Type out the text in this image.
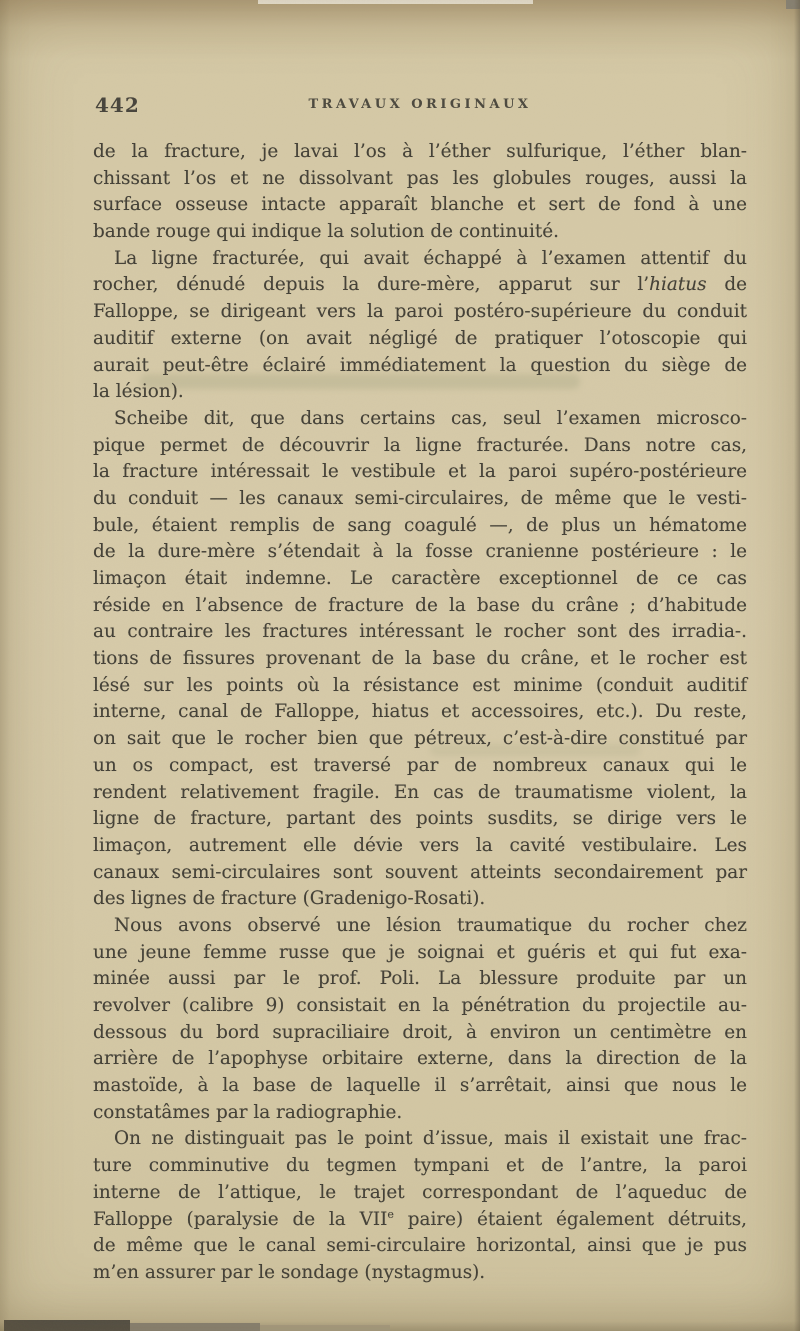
442	TRAVAUX ORIGINAUX
de la fracture, je lavai l’os à l’éther sulfurique, l’éther blan-
chissant l’os et ne dissolvant pas les globules rouges, aussi la
surface osseuse intacte apparaît blanche et sert de fond à une
bande rouge qui indique la solution de continuité.
La ligne fracturée, qui avait échappé à l’examen attentif du
rocher, dénudé depuis la dure-mère, apparut sur l’hiatus de
Falloppe, se dirigeant vers la paroi postéro-supérieure du conduit
auditif externe (on avait négligé de pratiquer l’otoscopie qui
aurait peut-être éclairé immédiatement la question du siège de
la lésion).
Scheibe dit, que dans certains cas, seul l’examen microsco-
pique permet de découvrir la ligne fracturée. Dans notre cas,
la fracture intéressait le vestibule et la paroi supéro-postérieure
du conduit — les canaux semi-circulaires, de même que le vesti-
bule, étaient remplis de sang coagulé —, de plus un hématome
de la dure-mère s’étendait à la fosse cranienne postérieure : le
limaçon était indemne. Le caractère exceptionnel de ce cas
réside en l’absence de fracture de la base du crâne ; d’habitude
au contraire les fractures intéressant le rocher sont des irradia-.
tions de fissures provenant de la base du crâne, et le rocher est
lésé sur les points où la résistance est minime (conduit auditif
interne, canal de Falloppe, hiatus et accessoires, etc.). Du reste,
on sait que le rocher bien que pétreux, c’est-à-dire constitué par
un os compact, est traversé par de nombreux canaux qui le
rendent relativement fragile. En cas de traumatisme violent, la
ligne de fracture, partant des points susdits, se dirige vers le
limaçon, autrement elle dévie vers la cavité vestibulaire. Les
canaux semi-circulaires sont souvent atteints secondairement par
des lignes de fracture (Gradenigo-Rosati).
Nous avons observé une lésion traumatique du rocher chez
une jeune femme russe que je soignai et guéris et qui fut exa-
minée aussi par le prof. Poli. La blessure produite par un
revolver (calibre 9) consistait en la pénétration du projectile au-
dessous du bord supraciliaire droit, à environ un centimètre en
arrière de l’apophyse orbitaire externe, dans la direction de la
mastoïde, à la base de laquelle il s’arrêtait, ainsi que nous le
constatâmes par la radiographie.
On ne distinguait pas le point d’issue, mais il existait une frac-
ture comminutive du tegmen tympani et de l’antre, la paroi
interne de l’attique, le trajet correspondant de l’aqueduc de
Falloppe (paralysie de la VIIe paire) étaient également détruits,
de même que le canal semi-circulaire horizontal, ainsi que je pus
m’en assurer par le sondage (nystagmus).
